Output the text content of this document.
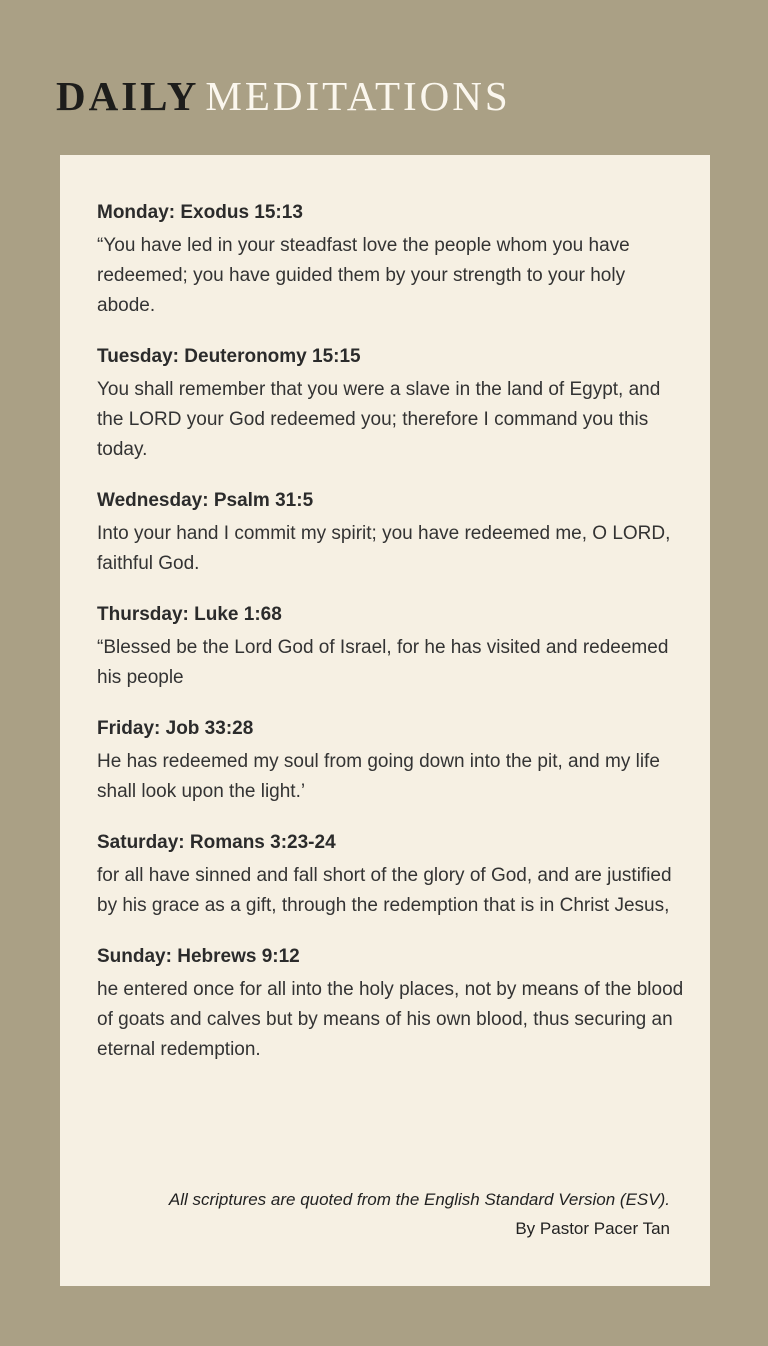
DAILY MEDITATIONS
Monday: Exodus 15:13
“You have led in your steadfast love the people whom you have redeemed; you have guided them by your strength to your holy abode.
Tuesday: Deuteronomy 15:15
You shall remember that you were a slave in the land of Egypt, and the LORD your God redeemed you; therefore I command you this today.
Wednesday: Psalm 31:5
Into your hand I commit my spirit; you have redeemed me, O LORD, faithful God.
Thursday: Luke 1:68
“Blessed be the Lord God of Israel, for he has visited and redeemed his people
Friday: Job 33:28
He has redeemed my soul from going down into the pit, and my life shall look upon the light.’
Saturday: Romans 3:23-24
for all have sinned and fall short of the glory of God, and are justified by his grace as a gift, through the redemption that is in Christ Jesus,
Sunday: Hebrews 9:12
he entered once for all into the holy places, not by means of the blood of goats and calves but by means of his own blood, thus securing an eternal redemption.
All scriptures are quoted from the English Standard Version (ESV).
By Pastor Pacer Tan
